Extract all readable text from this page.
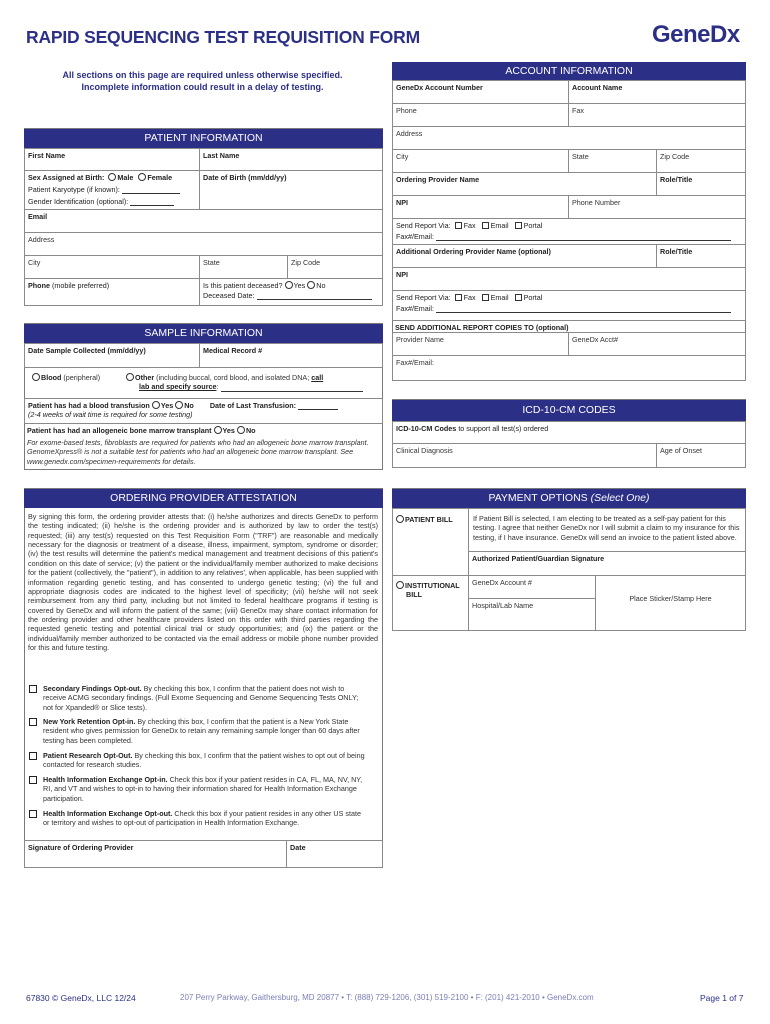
RAPID SEQUENCING TEST REQUISITION FORM	GeneDx
All sections on this page are required unless otherwise specified.
Incomplete information could result in a delay of testing.
PATIENT INFORMATION
First Name	Last Name
Sex Assigned at Birth: Male Female
Patient Karyotype (if known):
Gender Identification (optional):
Date of Birth (mm/dd/yy)
Email
Address
City	State	Zip Code
Phone (mobile preferred)	Is this patient deceased? Yes No
Deceased Date:
SAMPLE INFORMATION
Date Sample Collected (mm/dd/yy)	Medical Record #
Blood (peripheral)	Other (including buccal, cord blood, and isolated DNA; call
lab and specify source:
Patient has had a blood transfusion Yes No Date of Last Transfusion:
(2-4 weeks of wait time is required for some testing)
Patient has had an allogeneic bone marrow transplant Yes No
For exome-based tests, fibroblasts are required for patients who had an allogeneic bone marrow transplant. GenomeXpress® is not a suitable test for patients who had an allogeneic bone marrow transplant. See www.genedx.com/specimen-requirements for details.
ACCOUNT INFORMATION
GeneDx Account Number	Account Name
Phone	Fax
Address
City	State	Zip Code
Ordering Provider Name	Role/Title
NPI	Phone Number
Send Report Via: Fax Email Portal
Fax#/Email:
Additional Ordering Provider Name (optional)	Role/Title
NPI
Send Report Via: Fax Email Portal
Fax#/Email:
SEND ADDITIONAL REPORT COPIES TO (optional)
Provider Name	GeneDx Acct#
Fax#/Email:
ICD-10-CM CODES
ICD-10-CM Codes to support all test(s) ordered
Clinical Diagnosis	Age of Onset
ORDERING PROVIDER ATTESTATION
By signing this form, the ordering provider attests that: (i) he/she authorizes and directs GeneDx to perform the testing indicated; (ii) he/she is the ordering provider and is authorized by law to order the test(s) requested; (iii) any test(s) requested on this Test Requisition Form ("TRF") are reasonable and medically necessary for the diagnosis or treatment of a disease, illness, impairment, symptom, syndrome or disorder; (iv) the test results will determine the patient's medical management and treatment decisions of this patient's condition on this date of service; (v) the patient or the individual/family member authorized to make decisions for the patient (collectively, the "patient"), in addition to any relatives', when applicable, has been supplied with information regarding genetic testing, and has consented to undergo genetic testing; (vi) the full and appropriate diagnosis codes are indicated to the highest level of specificity; (vii) he/she will not seek reimbursement from any third party, including but not limited to federal healthcare programs if testing is covered by GeneDx and will inform the patient of the same; (viii) GeneDx may share contact information for the ordering provider and other healthcare providers listed on this order with third parties regarding the requested genetic testing and potential clinical trial or study opportunities; and (ix) the patient or the individual/family member authorized to be contacted via the email address or mobile phone number provided for this and future testing.
Secondary Findings Opt-out. By checking this box, I confirm that the patient does not wish to receive ACMG secondary findings. (Full Exome Sequencing and Genome Sequencing Tests ONLY; not for Xpanded® or Slice tests).
New York Retention Opt-in. By checking this box, I confirm that the patient is a New York State resident who gives permission for GeneDx to retain any remaining sample longer than 60 days after testing has been completed.
Patient Research Opt-Out. By checking this box, I confirm that the patient wishes to opt out of being contacted for research studies.
Health Information Exchange Opt-in. Check this box if your patient resides in CA, FL, MA, NV, NY, RI, and VT and wishes to opt-in to having their information shared for Health Information Exchange participation.
Health Information Exchange Opt-out. Check this box if your patient resides in any other US state or territory and wishes to opt-out of participation in Health Information Exchange.
Signature of Ordering Provider	Date
PAYMENT OPTIONS (Select One)
PATIENT BILL	If Patient Bill is selected, I am electing to be treated as a self-pay patient for this testing. I agree that neither GeneDx nor I will submit a claim to my insurance for this testing, if I have insurance. GeneDx will send an invoice to the patient listed above.
Authorized Patient/Guardian Signature
INSTITUTIONAL
BILL
GeneDx Account #
Hospital/Lab Name
Place Sticker/Stamp Here
67830 © GeneDx, LLC 12/24	207 Perry Parkway, Gaithersburg, MD 20877 • T: (888) 729-1206, (301) 519-2100 • F: (201) 421-2010 • GeneDx.com	Page 1 of 7
